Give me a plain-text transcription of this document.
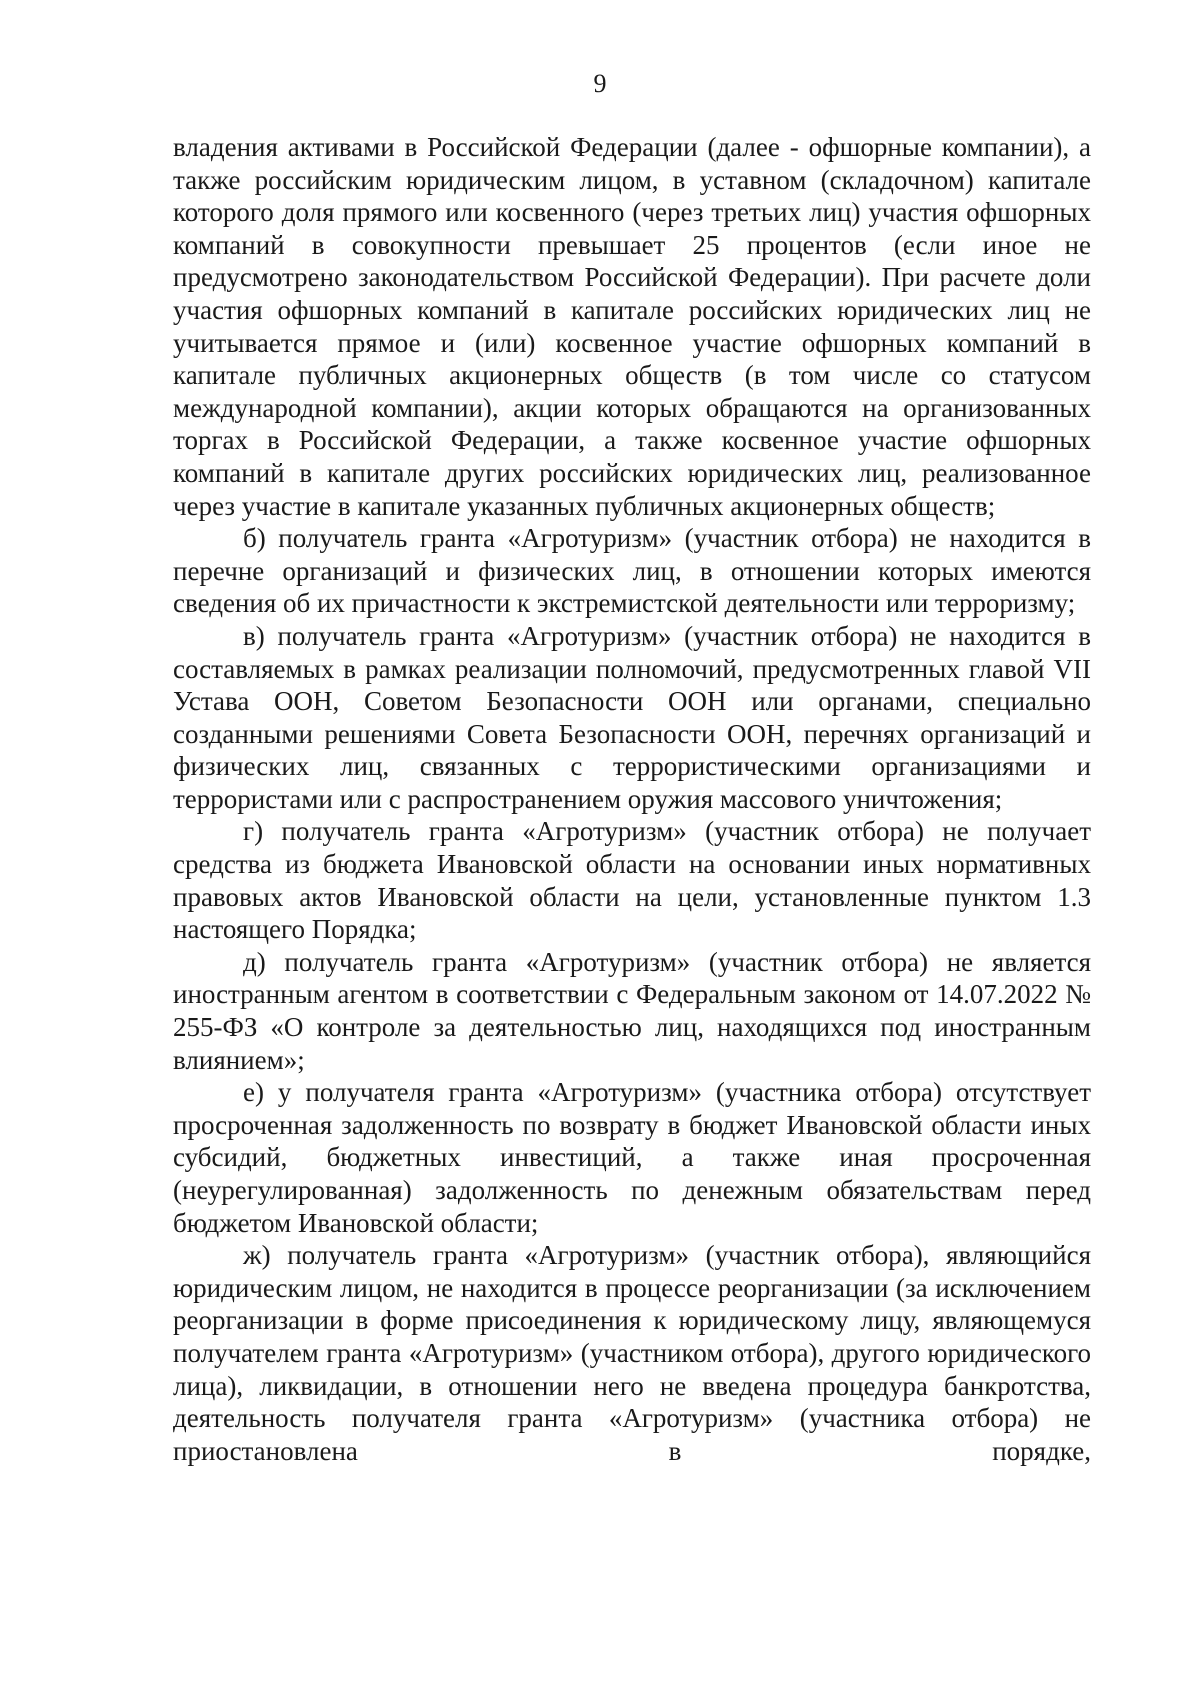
9

владения активами в Российской Федерации (далее - офшорные компании), а также российским юридическим лицом, в уставном (складочном) капитале которого доля прямого или косвенного (через третьих лиц) участия офшорных компаний в совокупности превышает 25 процентов (если иное не предусмотрено законодательством Российской Федерации). При расчете доли участия офшорных компаний в капитале российских юридических лиц не учитывается прямое и (или) косвенное участие офшорных компаний в капитале публичных акционерных обществ (в том числе со статусом международной компании), акции которых обращаются на организованных торгах в Российской Федерации, а также косвенное участие офшорных компаний в капитале других российских юридических лиц, реализованное через участие в капитале указанных публичных акционерных обществ;

б) получатель гранта «Агротуризм» (участник отбора) не находится в перечне организаций и физических лиц, в отношении которых имеются сведения об их причастности к экстремистской деятельности или терроризму;

в) получатель гранта «Агротуризм» (участник отбора) не находится в составляемых в рамках реализации полномочий, предусмотренных главой VII Устава ООН, Советом Безопасности ООН или органами, специально созданными решениями Совета Безопасности ООН, перечнях организаций и физических лиц, связанных с террористическими организациями и террористами или с распространением оружия массового уничтожения;

г) получатель гранта «Агротуризм» (участник отбора) не получает средства из бюджета Ивановской области на основании иных нормативных правовых актов Ивановской области на цели, установленные пунктом 1.3 настоящего Порядка;

д) получатель гранта «Агротуризм» (участник отбора) не является иностранным агентом в соответствии с Федеральным законом от 14.07.2022 № 255-ФЗ «О контроле за деятельностью лиц, находящихся под иностранным влиянием»;

е) у получателя гранта «Агротуризм» (участника отбора) отсутствует просроченная задолженность по возврату в бюджет Ивановской области иных субсидий, бюджетных инвестиций, а также иная просроченная (неурегулированная) задолженность по денежным обязательствам перед бюджетом Ивановской области;

ж) получатель гранта «Агротуризм» (участник отбора), являющийся юридическим лицом, не находится в процессе реорганизации (за исключением реорганизации в форме присоединения к юридическому лицу, являющемуся получателем гранта «Агротуризм» (участником отбора), другого юридического лица), ликвидации, в отношении него не введена процедура банкротства, деятельность получателя гранта «Агротуризм» (участника отбора) не приостановлена в порядке,
